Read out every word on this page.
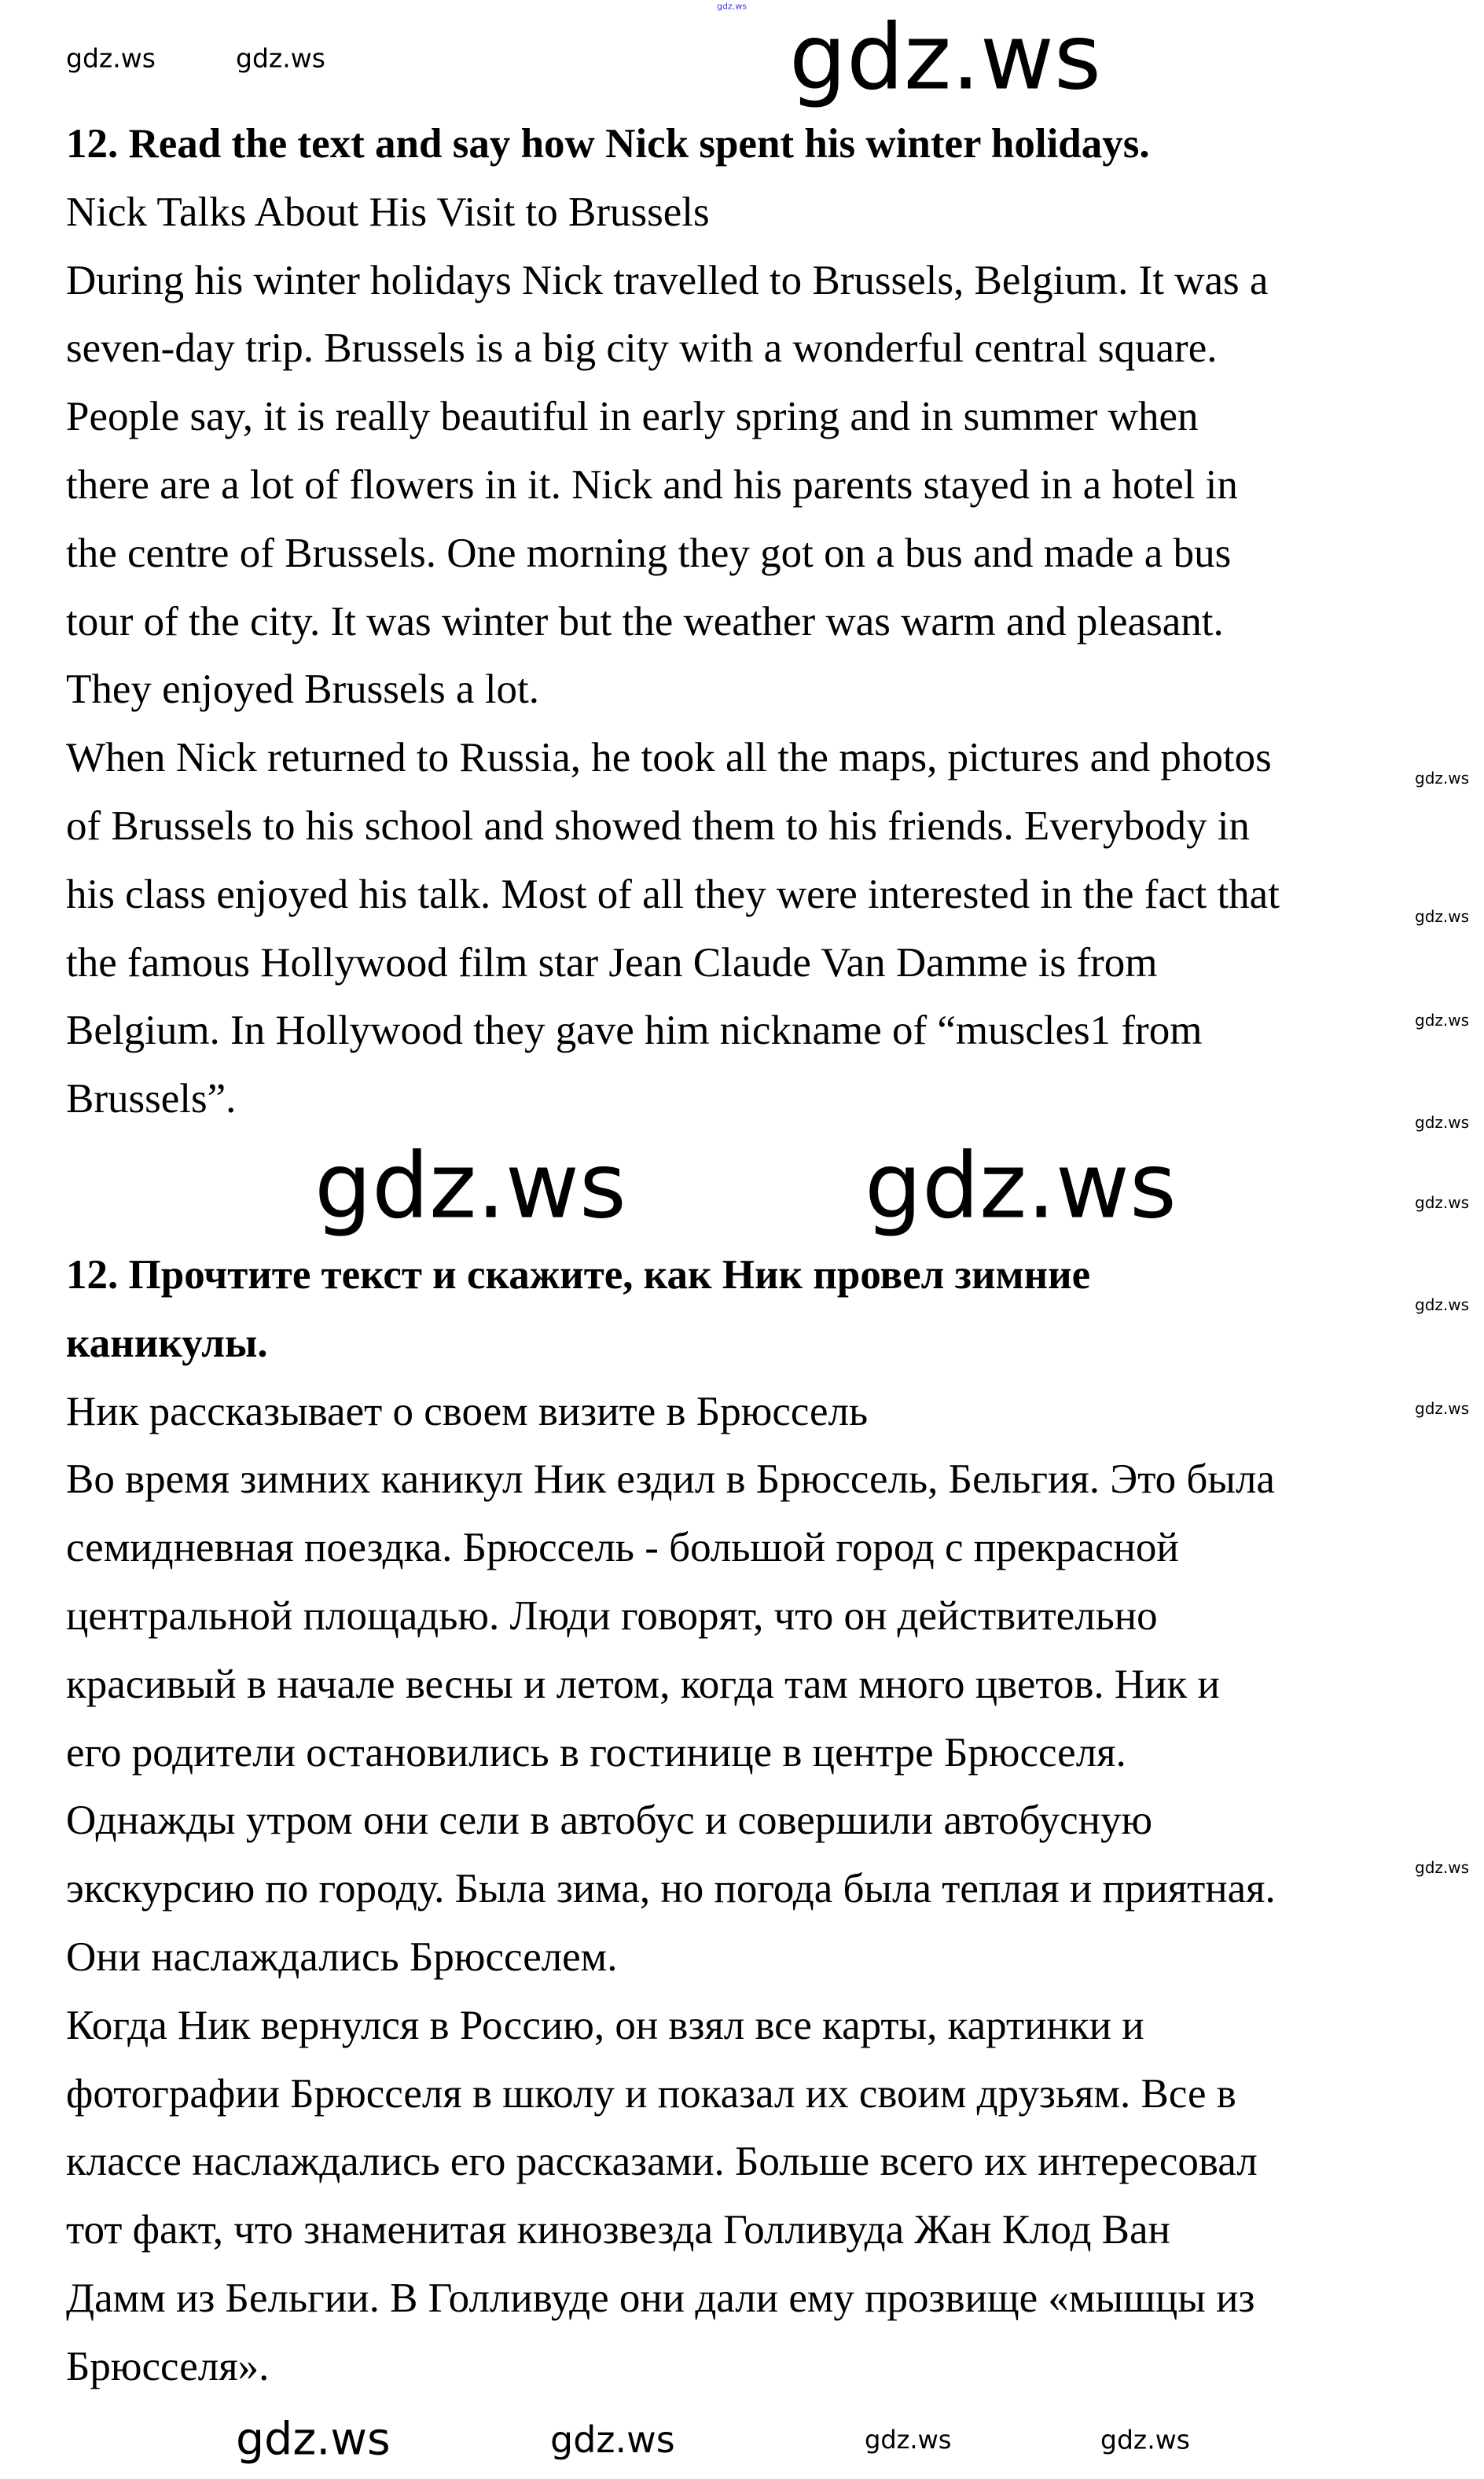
12. Read the text and say how Nick spent his winter holidays.
Nick Talks About His Visit to Brussels
During his winter holidays Nick travelled to Brussels, Belgium. It was a
seven-day trip. Brussels is a big city with a wonderful central square.
People say, it is really beautiful in early spring and in summer when
there are a lot of flowers in it. Nick and his parents stayed in a hotel in
the centre of Brussels. One morning they got on a bus and made a bus
tour of the city. It was winter but the weather was warm and pleasant.
They enjoyed Brussels a lot.
When Nick returned to Russia, he took all the maps, pictures and photos
of Brussels to his school and showed them to his friends. Everybody in
his class enjoyed his talk. Most of all they were interested in the fact that
the famous Hollywood film star Jean Claude Van Damme is from
Belgium. In Hollywood they gave him nickname of “muscles1 from
Brussels”.
12. Прочтите текст и скажите, как Ник провел зимние
каникулы.
Ник рассказывает о своем визите в Брюссель
Во время зимних каникул Ник ездил в Брюссель, Бельгия. Это была
семидневная поездка. Брюссель - большой город с прекрасной
центральной площадью. Люди говорят, что он действительно
красивый в начале весны и летом, когда там много цветов. Ник и
его родители остановились в гостинице в центре Брюсселя.
Однажды утром они сели в автобус и совершили автобусную
экскурсию по городу. Была зима, но погода была теплая и приятная.
Они наслаждались Брюсселем.
Когда Ник вернулся в Россию, он взял все карты, картинки и
фотографии Брюсселя в школу и показал их своим друзьям. Все в
классе наслаждались его рассказами. Больше всего их интересовал
тот факт, что знаменитая кинозвезда Голливуда Жан Клод Ван
Дамм из Бельгии. В Голливуде они дали ему прозвище «мышцы из
Брюсселя».
gdz.ws gdz.ws
gdz.ws	gdz.ws
gdz.ws
gdz.ws
gdz.ws
gdz.ws
gdz.ws
gdz.ws
gdz.ws
gdz.ws
gdz.ws
gdz.ws
gdz.ws
gdz.ws
gdz.ws
gdz.ws
